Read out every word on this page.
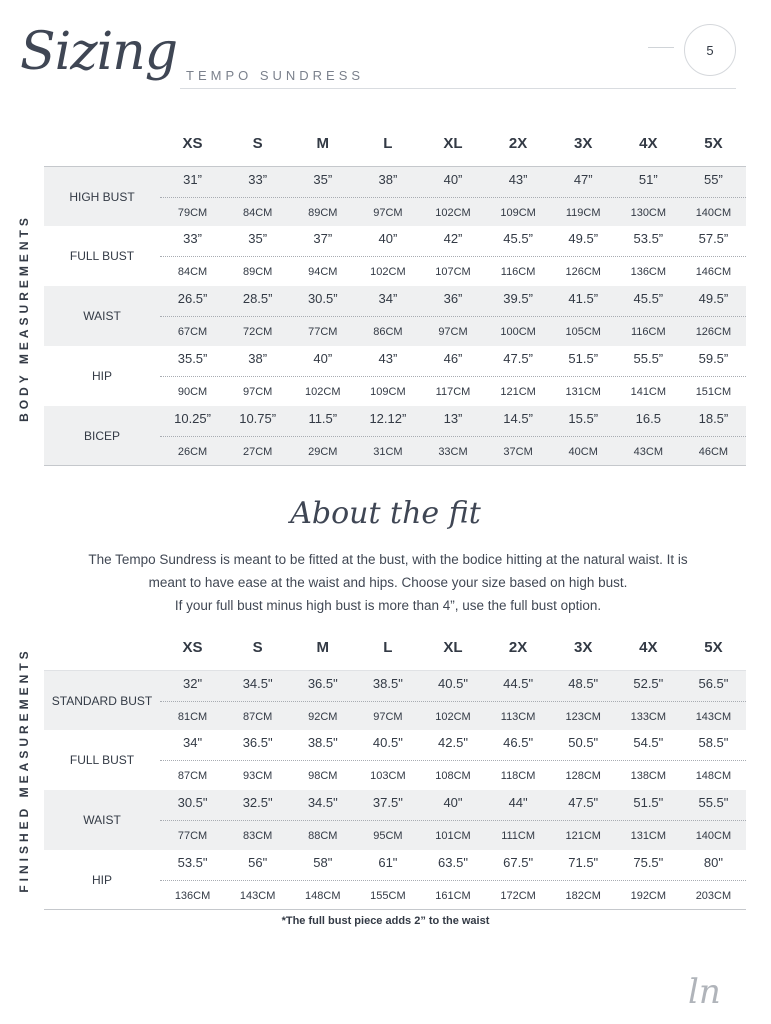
Sizing TEMPO SUNDRESS
5
BODY MEASUREMENTS
XS	S	M	L	XL	2X	3X	4X	5X
HIGH BUST
31”	33”	35”	38”	40”	43”	47”	51”	55”
79CM	84CM	89CM	97CM	102CM	109CM	119CM	130CM	140CM
FULL BUST
33”	35”	37”	40”	42”	45.5”	49.5”	53.5”	57.5”
84CM	89CM	94CM	102CM	107CM	116CM	126CM	136CM	146CM
WAIST
26.5”	28.5”	30.5”	34”	36”	39.5”	41.5”	45.5”	49.5”
67CM	72CM	77CM	86CM	97CM	100CM	105CM	116CM	126CM
HIP
35.5”	38”	40”	43”	46”	47.5”	51.5”	55.5”	59.5”
90CM	97CM	102CM	109CM	117CM	121CM	131CM	141CM	151CM
BICEP
10.25”	10.75”	11.5”	12.12”	13”	14.5”	15.5”	16.5	18.5”
26CM	27CM	29CM	31CM	33CM	37CM	40CM	43CM	46CM
About the fit
The Tempo Sundress is meant to be fitted at the bust, with the bodice hitting at the natural waist. It is
meant to have ease at the waist and hips. Choose your size based on high bust.
If your full bust minus high bust is more than 4”, use the full bust option.
FINISHED MEASUREMENTS	XS	S	M	L	XL	2X	3X	4X	5X
STANDARD BUST
32"	34.5"	36.5"	38.5"	40.5"	44.5"	48.5"	52.5"	56.5"
81CM	87CM	92CM	97CM	102CM	113CM	123CM	133CM	143CM
FULL BUST
34"	36.5"	38.5"	40.5"	42.5"	46.5"	50.5"	54.5"	58.5"
87CM	93CM	98CM	103CM	108CM	118CM	128CM	138CM	148CM
WAIST
30.5"	32.5"	34.5"	37.5"	40"	44"	47.5"	51.5"	55.5"
77CM	83CM	88CM	95CM	101CM	111CM	121CM	131CM	140CM
HIP
53.5"	56"	58"	61"	63.5"	67.5"	71.5"	75.5"	80"
136CM	143CM	148CM	155CM	161CM	172CM	182CM	192CM	203CM
*The full bust piece adds 2” to the waist
ln
